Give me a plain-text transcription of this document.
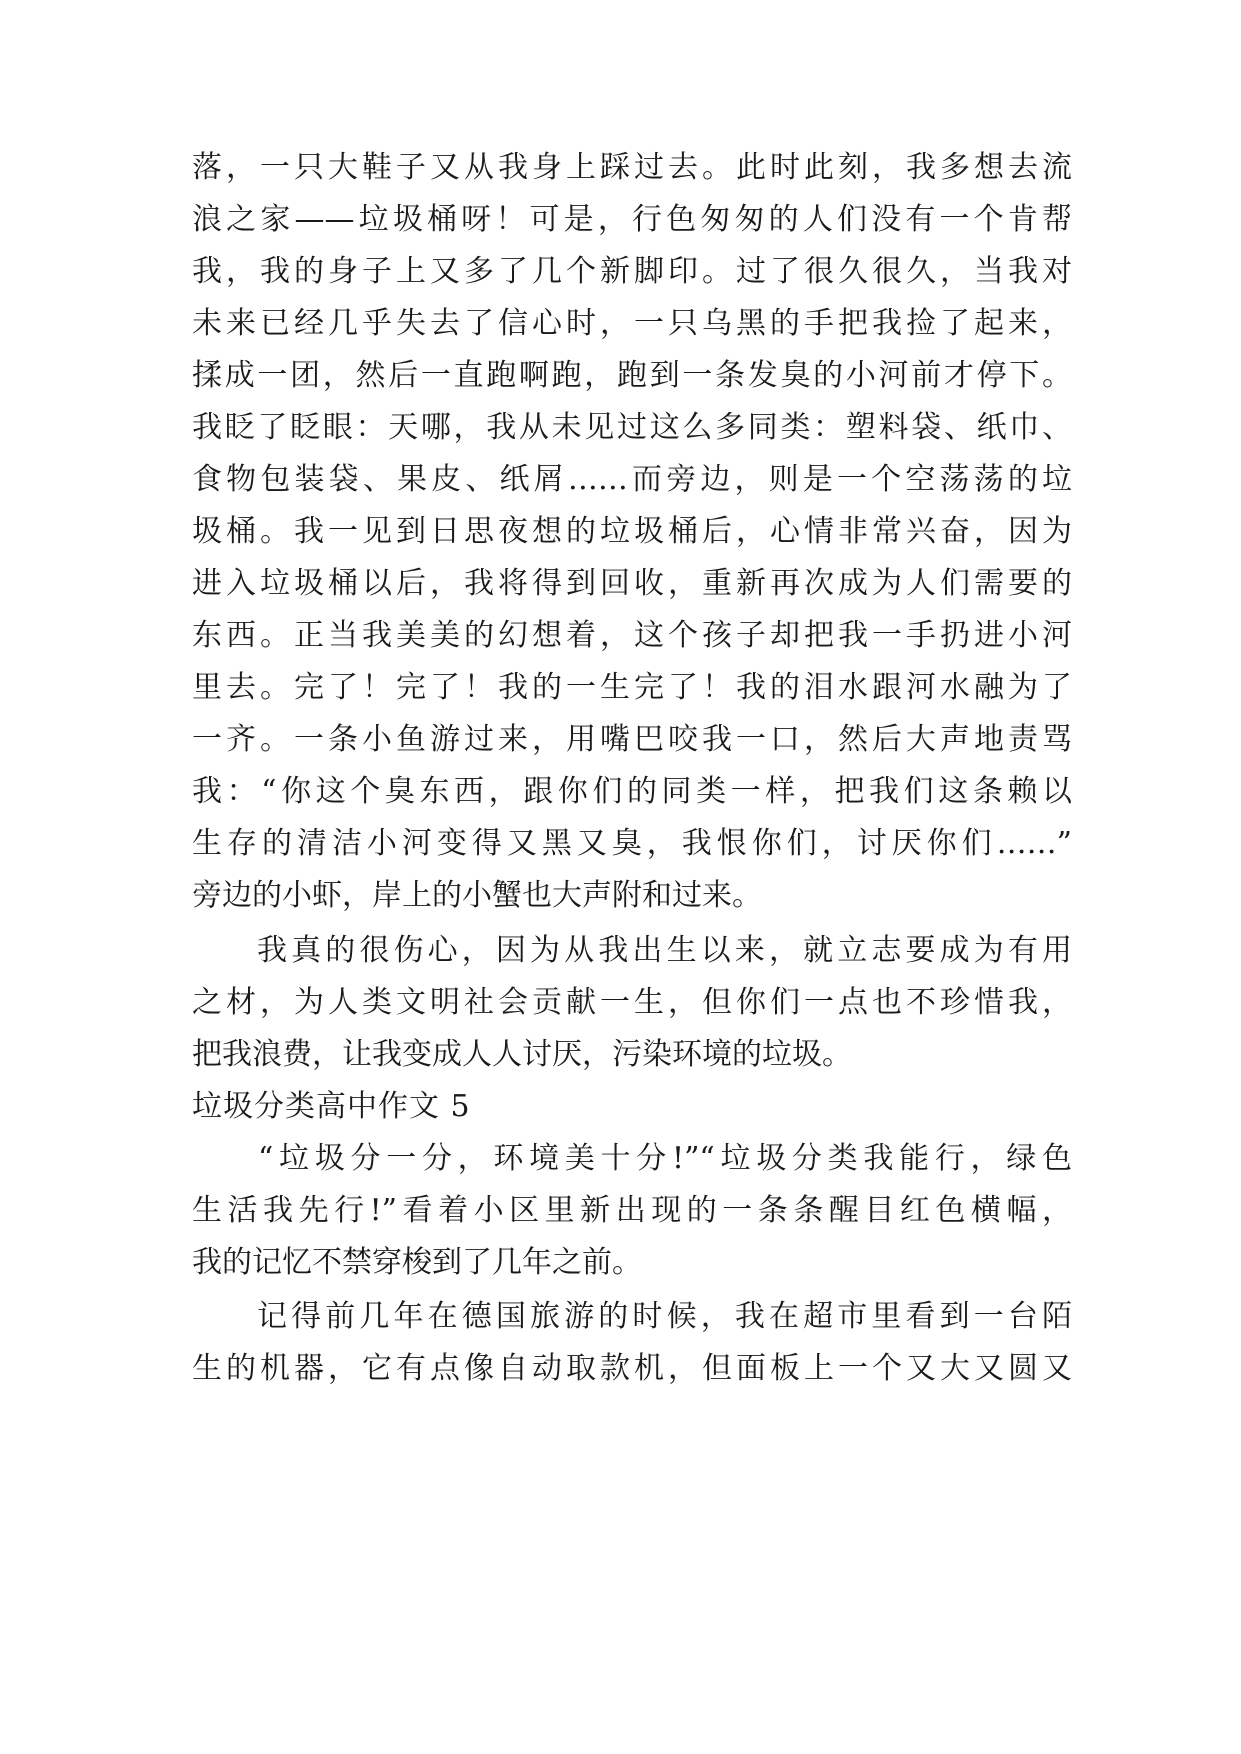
落，一只大鞋子又从我身上踩过去。此时此刻，我多想去流
浪之家——垃圾桶呀！可是，行色匆匆的人们没有一个肯帮
我，我的身子上又多了几个新脚印。过了很久很久，当我对
未来已经几乎失去了信心时，一只乌黑的手把我捡了起来，
揉成一团，然后一直跑啊跑，跑到一条发臭的小河前才停下。
我眨了眨眼：天哪，我从未见过这么多同类：塑料袋、纸巾、
食物包装袋、果皮、纸屑……而旁边，则是一个空荡荡的垃
圾桶。我一见到日思夜想的垃圾桶后，心情非常兴奋，因为
进入垃圾桶以后，我将得到回收，重新再次成为人们需要的
东西。正当我美美的幻想着，这个孩子却把我一手扔进小河
里去。完了！完了！我的一生完了！我的泪水跟河水融为了
一齐。一条小鱼游过来，用嘴巴咬我一口，然后大声地责骂
我：“你这个臭东西，跟你们的同类一样，把我们这条赖以
生存的清洁小河变得又黑又臭，我恨你们，讨厌你们……”
旁边的小虾，岸上的小蟹也大声附和过来。
我真的很伤心，因为从我出生以来，就立志要成为有用
之材，为人类文明社会贡献一生，但你们一点也不珍惜我，
把我浪费，让我变成人人讨厌，污染环境的垃圾。
垃圾分类高中作文 5
“垃圾分一分，环境美十分!”“垃圾分类我能行，绿色
生活我先行!”看着小区里新出现的一条条醒目红色横幅，
我的记忆不禁穿梭到了几年之前。
记得前几年在德国旅游的时候，我在超市里看到一台陌
生的机器，它有点像自动取款机，但面板上一个又大又圆又
